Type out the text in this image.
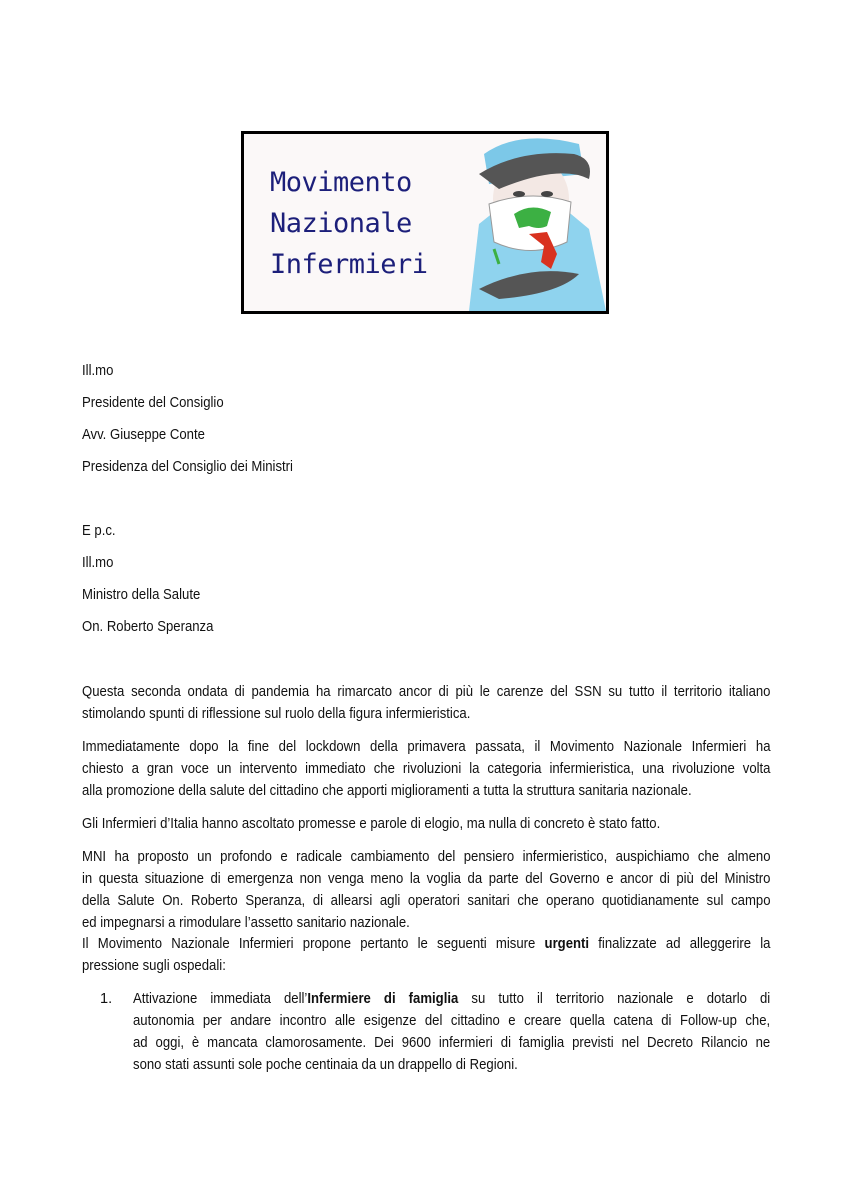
Movimento
Nazionale
Infermieri
Ill.mo
Presidente del Consiglio
Avv. Giuseppe Conte
Presidenza del Consiglio dei Ministri
E p.c.
Ill.mo
Ministro della Salute
On. Roberto Speranza
Questa seconda ondata di pandemia ha rimarcato ancor di più le carenze del SSN su tutto il territorio italiano
stimolando spunti di riflessione sul ruolo della figura infermieristica.
Immediatamente dopo la fine del lockdown della primavera passata, il Movimento Nazionale Infermieri ha
chiesto a gran voce un intervento immediato che rivoluzioni la categoria infermieristica, una rivoluzione volta
alla promozione della salute del cittadino che apporti miglioramenti a tutta la struttura sanitaria nazionale.
Gli Infermieri d’Italia hanno ascoltato promesse e parole di elogio, ma nulla di concreto è stato fatto.
MNI ha proposto un profondo e radicale cambiamento del pensiero infermieristico, auspichiamo che almeno
in questa situazione di emergenza non venga meno la voglia da parte del Governo e ancor di più del Ministro
della Salute On. Roberto Speranza, di allearsi agli operatori sanitari che operano quotidianamente sul campo
ed impegnarsi a rimodulare l’assetto sanitario nazionale.
Il Movimento Nazionale Infermieri propone pertanto le seguenti misure urgenti finalizzate ad alleggerire la
pressione sugli ospedali:
1. Attivazione immediata dell’Infermiere di famiglia su tutto il territorio nazionale e dotarlo di
autonomia per andare incontro alle esigenze del cittadino e creare quella catena di Follow-up che,
ad oggi, è mancata clamorosamente. Dei 9600 infermieri di famiglia previsti nel Decreto Rilancio ne
sono stati assunti sole poche centinaia da un drappello di Regioni.
